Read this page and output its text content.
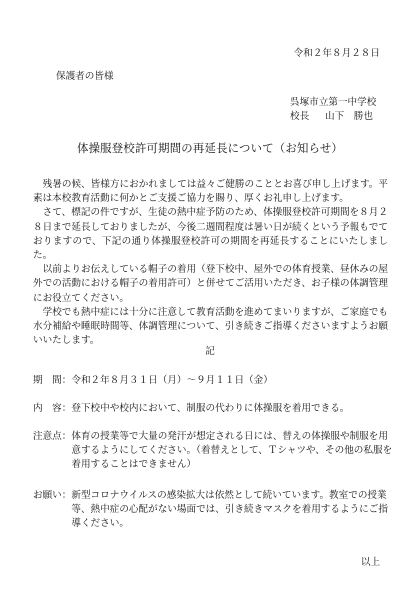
令和２年８月２８日
保護者の皆様
呉塚市立第一中学校
校長 山下　勝也
体操服登校許可期間の再延長について（お知らせ）

残暑の候、皆様方におかれましては益々ご健勝のこととお喜び申し上げます。平素は本校教育活動に何かとご支援ご協力を賜り、厚くお礼申し上げます。

さて、標記の件ですが、生徒の熱中症予防のため、体操服登校許可期間を８月２８日まで延長しておりましたが、今後二週間程度は暑い日が続くという予報もでておりますので、下記の通り体操服登校許可の期間を再延長することにいたしました。

以前よりお伝えしている帽子の着用（登下校中、屋外での体育授業、昼休みの屋外での活動における帽子の着用許可）と併せてご活用いただき、お子様の体調管理にお役立てください。

学校でも熱中症には十分に注意して教育活動を進めてまいりますが、ご家庭でも水分補給や睡眠時間等、体調管理について、引き続きご指導くださいますようお願いいたします。

記
期　間： 令和２年８月３１日（月）～９月１１日（金）
内　容： 登下校中や校内において、制服の代わりに体操服を着用できる。
注意点： 体育の授業等で大量の発汗が想定される日には、替えの体操服や制服を用意するようにしてください。（着替えとして、Ｔシャツや、その他の私服を着用することはできません）
お願い： 新型コロナウイルスの感染拡大は依然として続いています。教室での授業等、熱中症の心配がない場面では、引き続きマスクを着用するようにご指導ください。
以上
